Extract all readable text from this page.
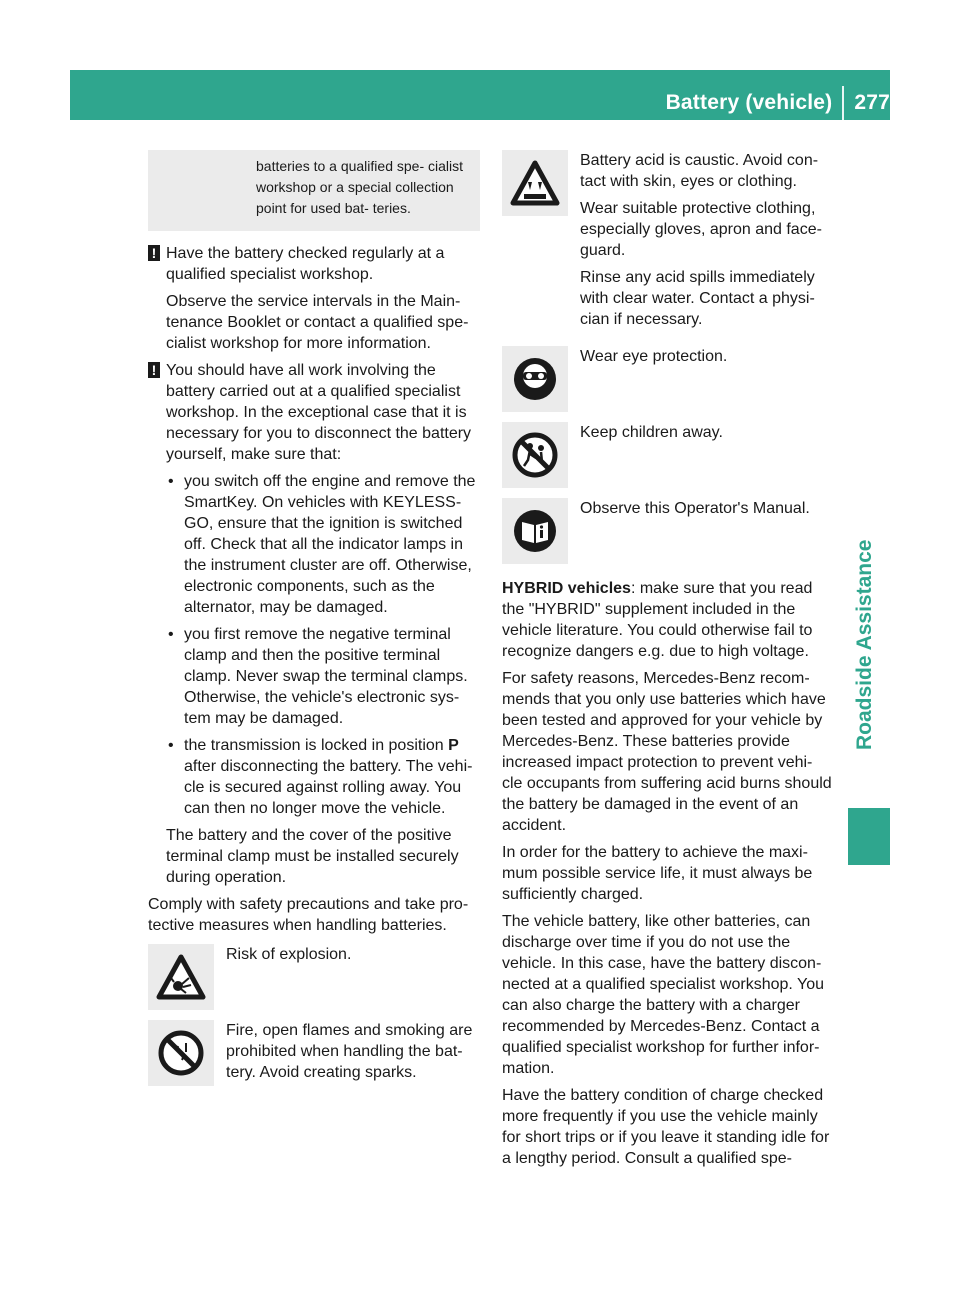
Battery (vehicle) 277
Roadside Assistance
batteries to a qualified spe- cialist workshop or a special collection point for used bat- teries.
! Have the battery checked regularly at a qualified specialist workshop.
Observe the service intervals in the Main- tenance Booklet or contact a qualified spe- cialist workshop for more information.
! You should have all work involving the battery carried out at a qualified specialist workshop. In the exceptional case that it is necessary for you to disconnect the battery yourself, make sure that:
• you switch off the engine and remove the SmartKey. On vehicles with KEYLESS- GO, ensure that the ignition is switched off. Check that all the indicator lamps in the instrument cluster are off. Otherwise, electronic components, such as the alternator, may be damaged.
• you first remove the negative terminal clamp and then the positive terminal clamp. Never swap the terminal clamps. Otherwise, the vehicle's electronic sys- tem may be damaged.
• the transmission is locked in position P after disconnecting the battery. The vehi- cle is secured against rolling away. You can then no longer move the vehicle.
The battery and the cover of the positive terminal clamp must be installed securely during operation.
Comply with safety precautions and take pro- tective measures when handling batteries.
Risk of explosion.
Fire, open flames and smoking are prohibited when handling the bat- tery. Avoid creating sparks.
Battery acid is caustic. Avoid con- tact with skin, eyes or clothing.
Wear suitable protective clothing, especially gloves, apron and face- guard.
Rinse any acid spills immediately with clear water. Contact a physi- cian if necessary.
Wear eye protection.
Keep children away.
Observe this Operator's Manual.
HYBRID vehicles: make sure that you read the "HYBRID" supplement included in the vehicle literature. You could otherwise fail to recognize dangers e.g. due to high voltage.
For safety reasons, Mercedes-Benz recom- mends that you only use batteries which have been tested and approved for your vehicle by Mercedes-Benz. These batteries provide increased impact protection to prevent vehi- cle occupants from suffering acid burns should the battery be damaged in the event of an accident.
In order for the battery to achieve the maxi- mum possible service life, it must always be sufficiently charged.
The vehicle battery, like other batteries, can discharge over time if you do not use the vehicle. In this case, have the battery discon- nected at a qualified specialist workshop. You can also charge the battery with a charger recommended by Mercedes-Benz. Contact a qualified specialist workshop for further infor- mation.
Have the battery condition of charge checked more frequently if you use the vehicle mainly for short trips or if you leave it standing idle for a lengthy period. Consult a qualified spe-
